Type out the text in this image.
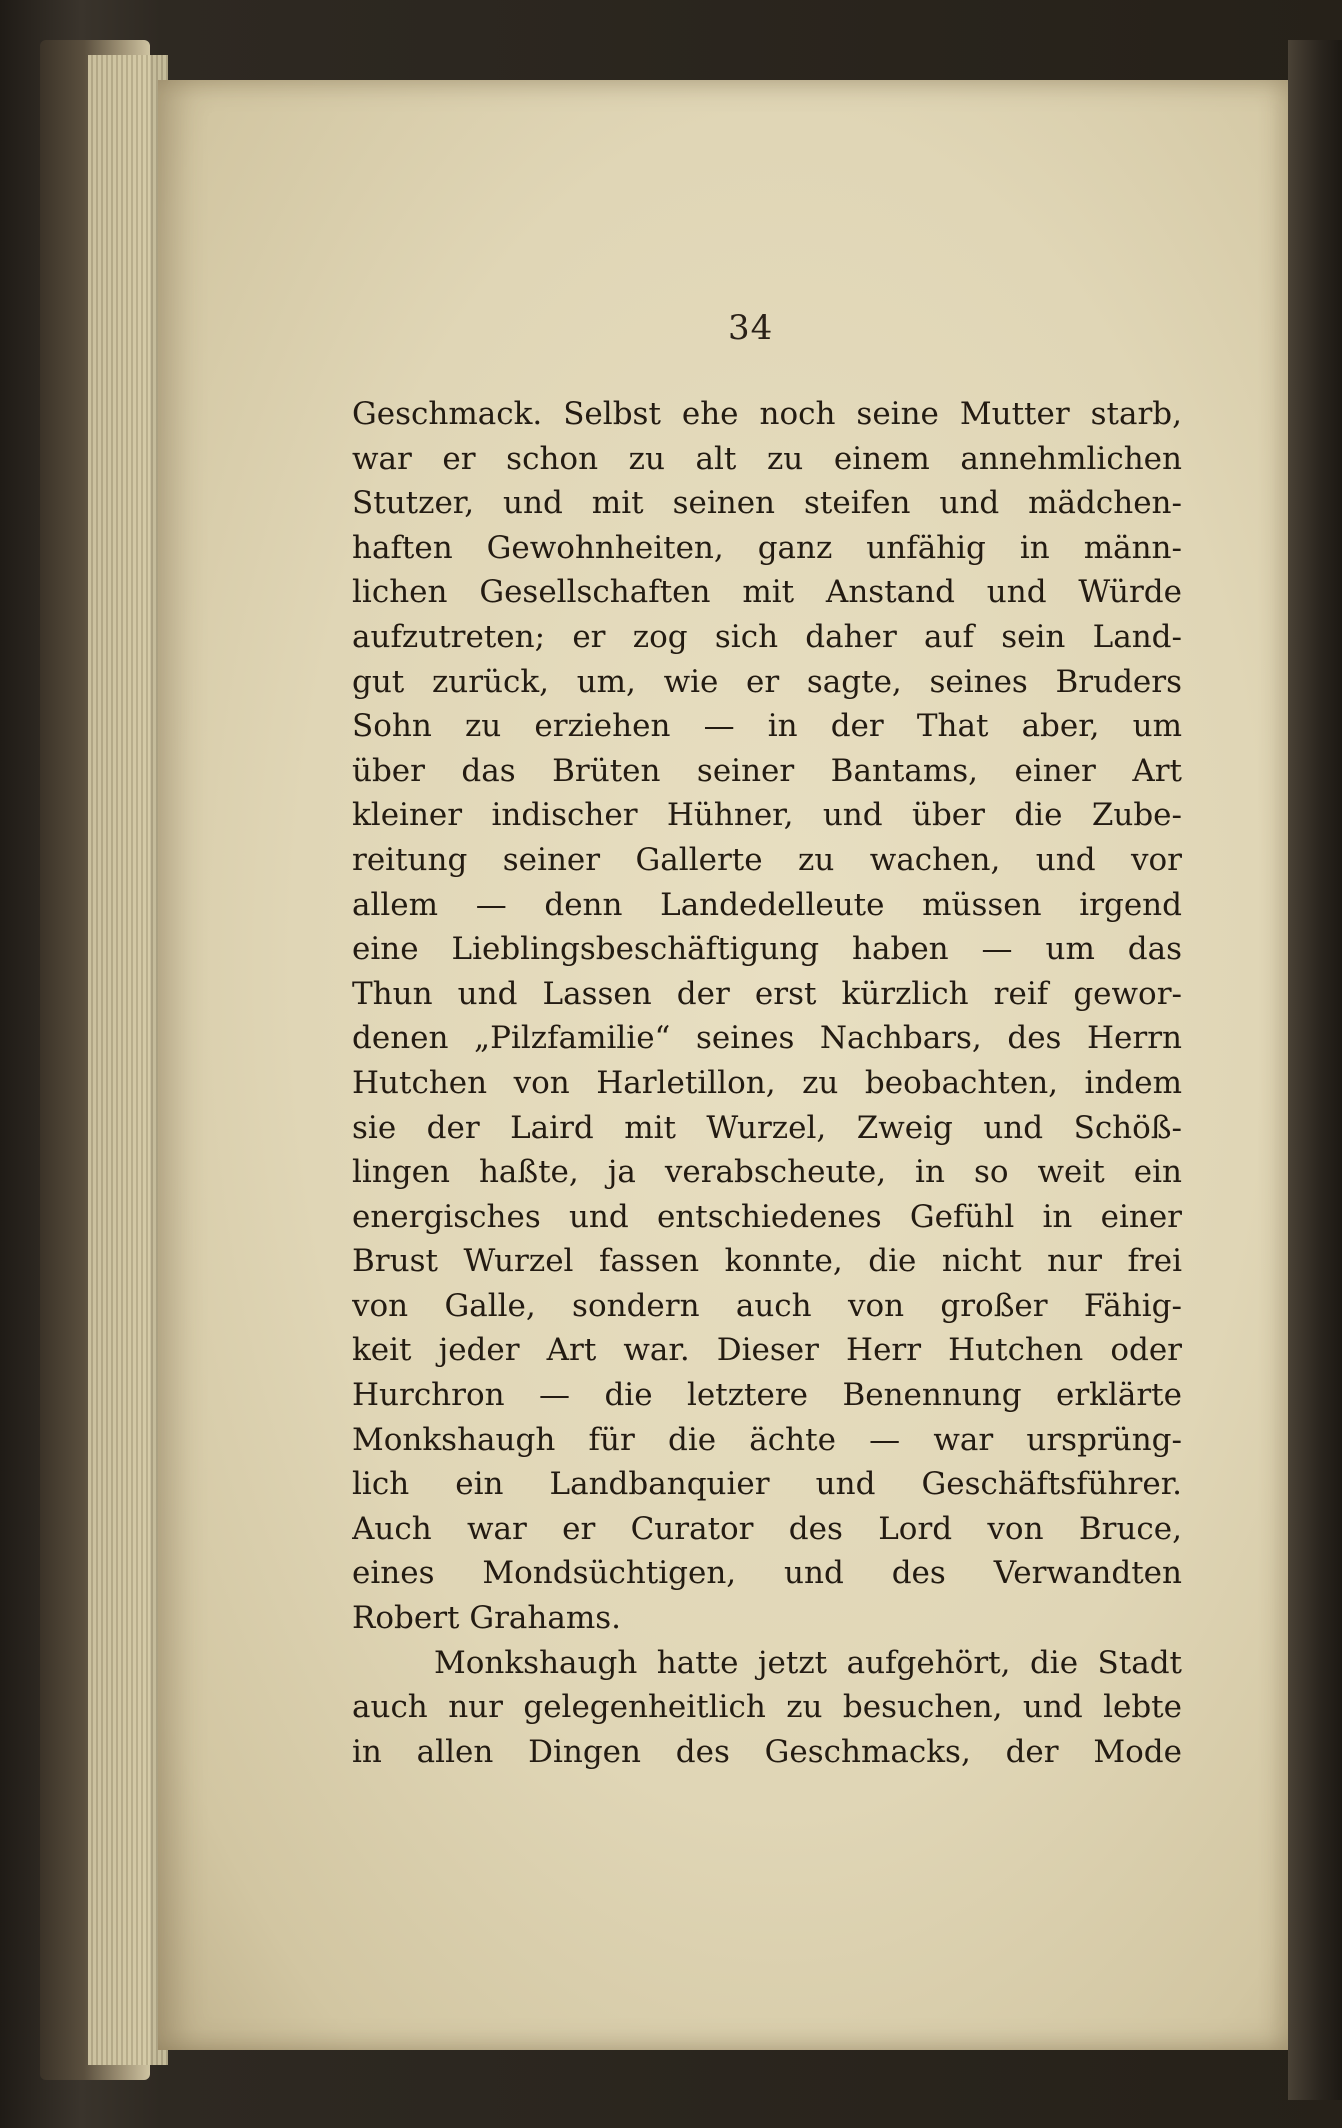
34
Geschmack. Selbst ehe noch seine Mutter starb,
war er schon zu alt zu einem annehmlichen
Stutzer, und mit seinen steifen und mädchen-
haften Gewohnheiten, ganz unfähig in männ-
lichen Gesellschaften mit Anstand und Würde
aufzutreten; er zog sich daher auf sein Land-
gut zurück, um, wie er sagte, seines Bruders
Sohn zu erziehen — in der That aber, um
über das Brüten seiner Bantams, einer Art
kleiner indischer Hühner, und über die Zube-
reitung seiner Gallerte zu wachen, und vor
allem — denn Landedelleute müssen irgend
eine Lieblingsbeschäftigung haben — um das
Thun und Lassen der erst kürzlich reif gewor-
denen „Pilzfamilie“ seines Nachbars, des Herrn
Hutchen von Harletillon, zu beobachten, indem
sie der Laird mit Wurzel, Zweig und Schöß-
lingen haßte, ja verabscheute, in so weit ein
energisches und entschiedenes Gefühl in einer
Brust Wurzel fassen konnte, die nicht nur frei
von Galle, sondern auch von großer Fähig-
keit jeder Art war. Dieser Herr Hutchen oder
Hurchron — die letztere Benennung erklärte
Monkshaugh für die ächte — war ursprüng-
lich ein Landbanquier und Geschäftsführer.
Auch war er Curator des Lord von Bruce,
eines Mondsüchtigen, und des Verwandten
Robert Grahams.
Monkshaugh hatte jetzt aufgehört, die Stadt
auch nur gelegenheitlich zu besuchen, und lebte
in allen Dingen des Geschmacks, der Mode
